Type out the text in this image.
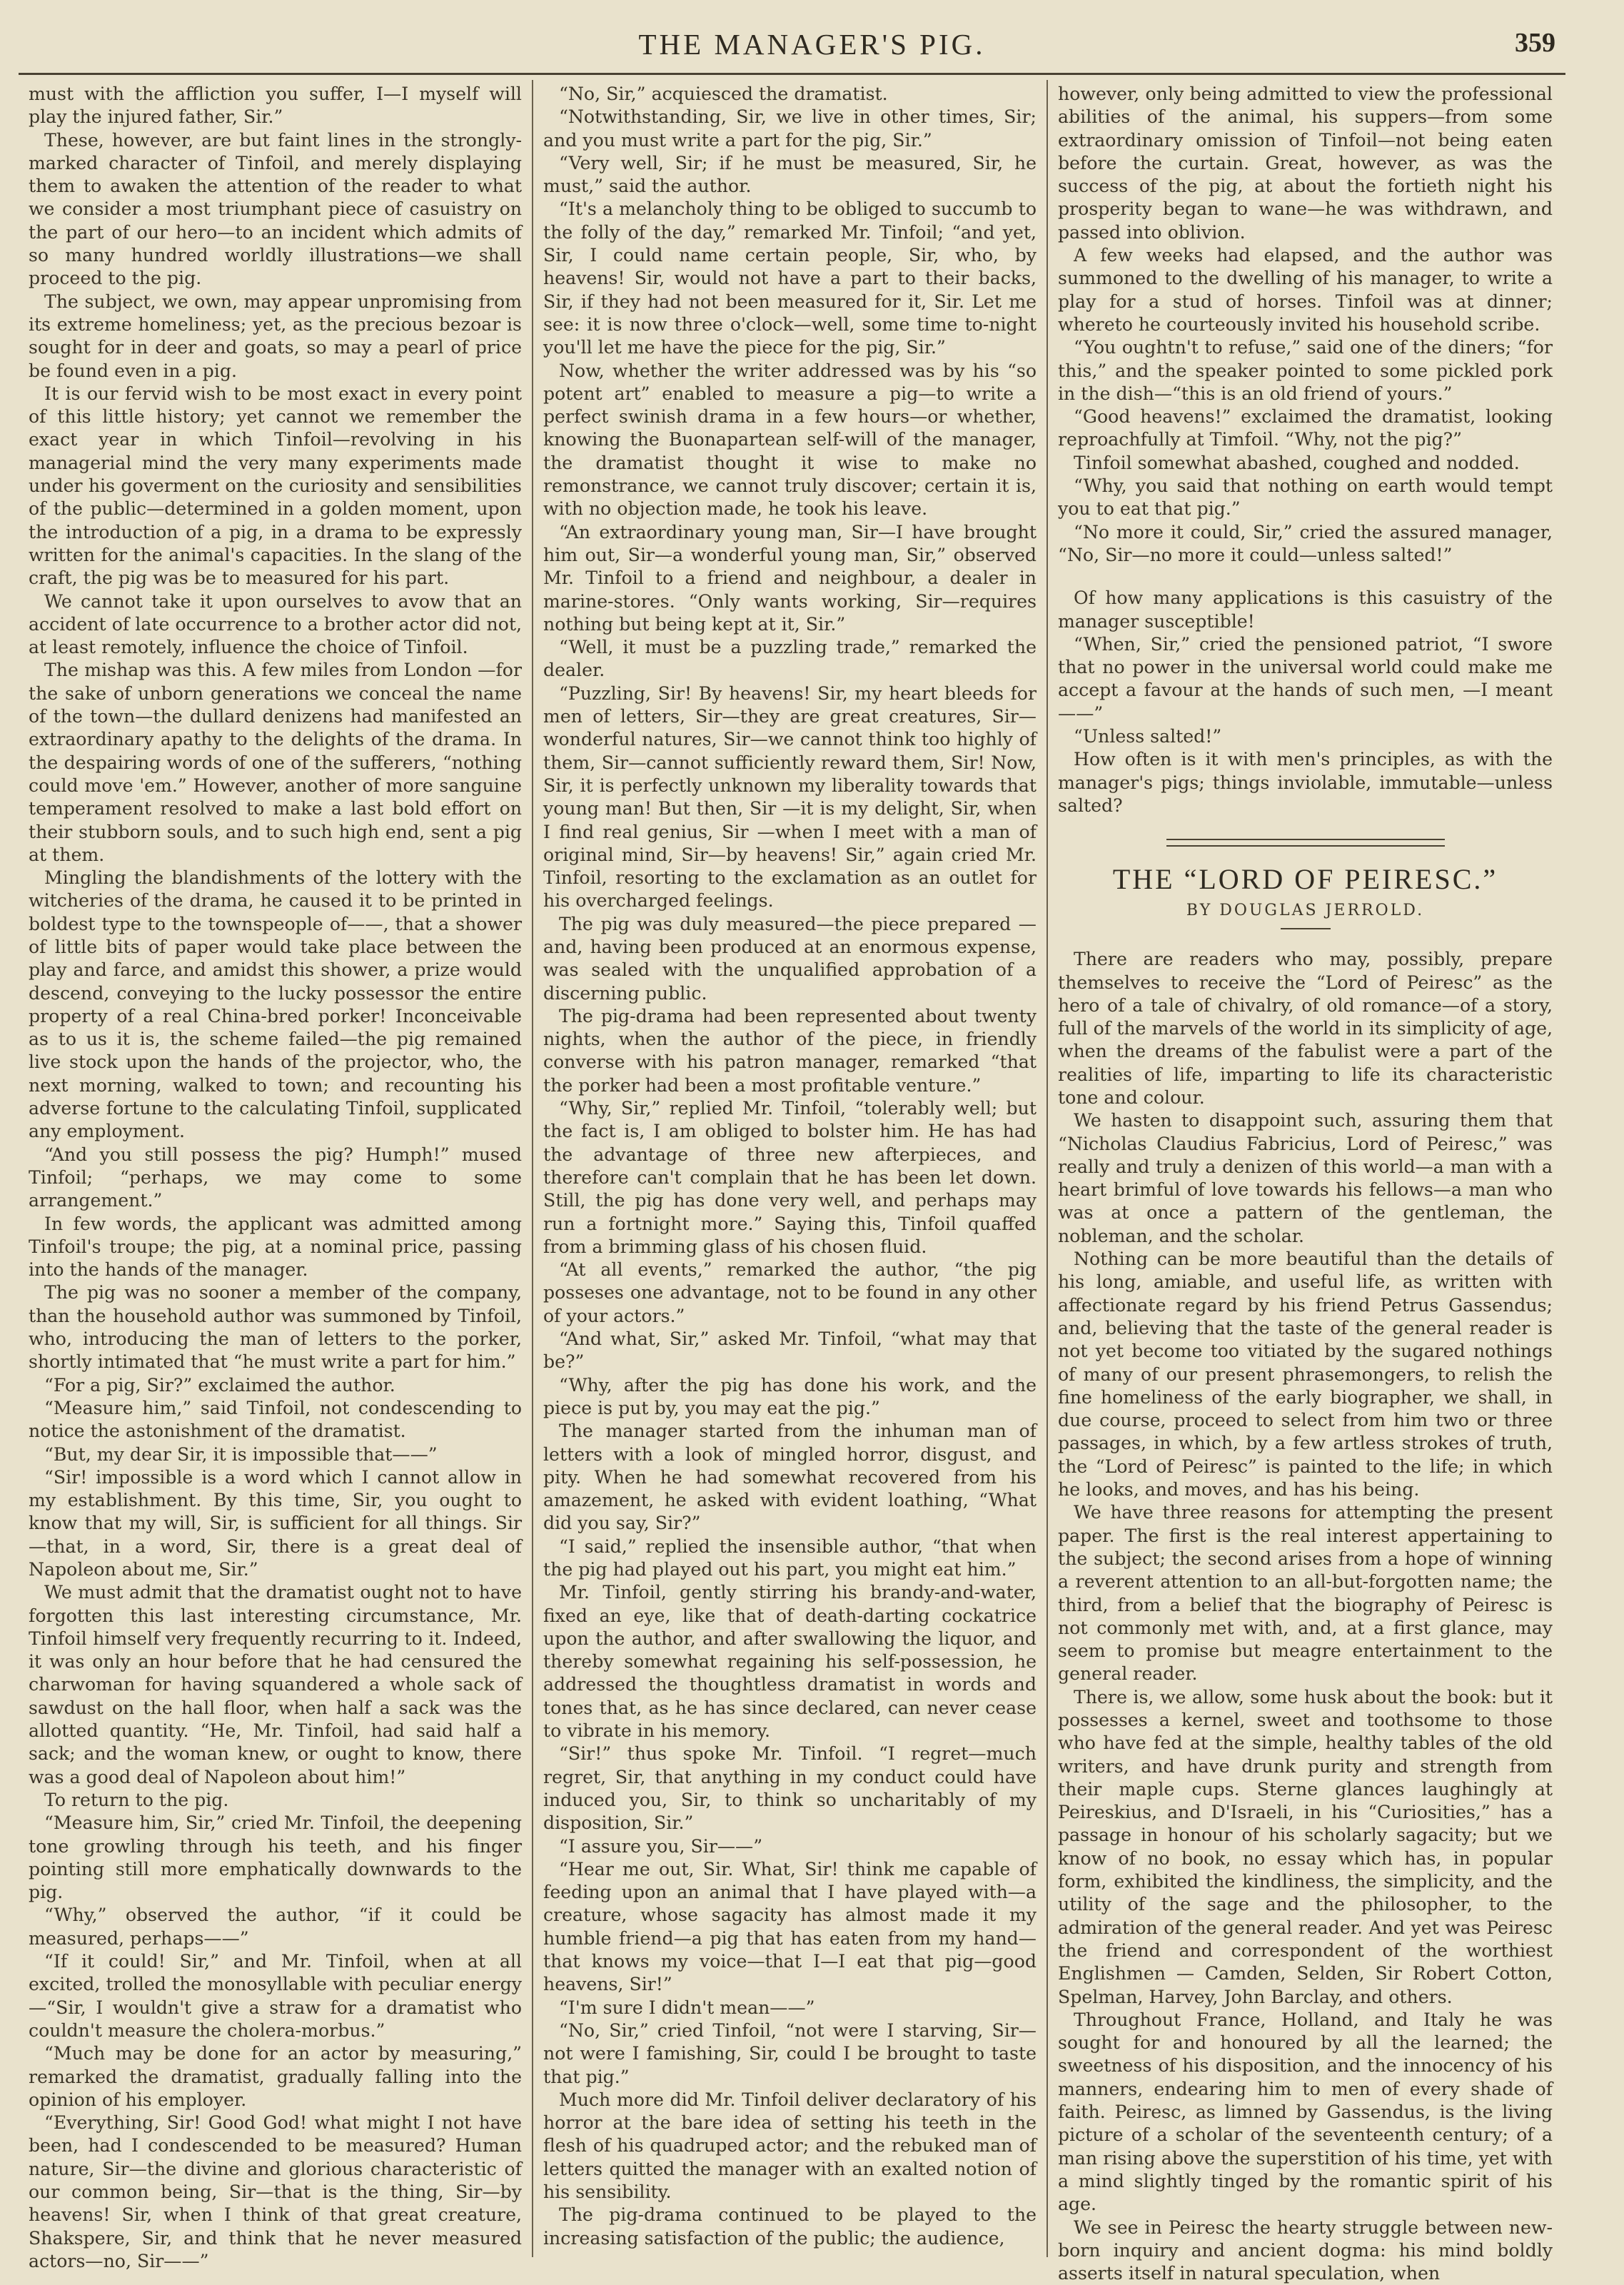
THE MANAGER'S PIG.	359

must with the affliction you suffer, I—I myself will play the injured father, Sir.”

These, however, are but faint lines in the strongly-marked character of Tinfoil, and merely displaying them to awaken the attention of the reader to what we consider a most triumphant piece of casuistry on the part of our hero—to an incident which admits of so many hundred worldly illustrations—we shall proceed to the pig.

The subject, we own, may appear unpromising from its extreme homeliness; yet, as the precious bezoar is sought for in deer and goats, so may a pearl of price be found even in a pig.

It is our fervid wish to be most exact in every point of this little history; yet cannot we remember the exact year in which Tinfoil—revolving in his managerial mind the very many experiments made under his goverment on the curiosity and sensibilities of the public—determined in a golden moment, upon the introduction of a pig, in a drama to be expressly written for the animal's capacities. In the slang of the craft, the pig was be to measured for his part.

We cannot take it upon ourselves to avow that an accident of late occurrence to a brother actor did not, at least remotely, influence the choice of Tinfoil.

The mishap was this. A few miles from London —for the sake of unborn generations we conceal the name of the town—the dullard denizens had manifested an extraordinary apathy to the delights of the drama. In the despairing words of one of the sufferers, “nothing could move 'em.” However, another of more sanguine temperament resolved to make a last bold effort on their stubborn souls, and to such high end, sent a pig at them.

Mingling the blandishments of the lottery with the witcheries of the drama, he caused it to be printed in boldest type to the townspeople of——, that a shower of little bits of paper would take place between the play and farce, and amidst this shower, a prize would descend, conveying to the lucky possessor the entire property of a real China-bred porker! Inconceivable as to us it is, the scheme failed—the pig remained live stock upon the hands of the projector, who, the next morning, walked to town; and recounting his adverse fortune to the calculating Tinfoil, supplicated any employment.

“And you still possess the pig? Humph!” mused Tinfoil; “perhaps, we may come to some arrangement.”

In few words, the applicant was admitted among Tinfoil's troupe; the pig, at a nominal price, passing into the hands of the manager.

The pig was no sooner a member of the company, than the household author was summoned by Tinfoil, who, introducing the man of letters to the porker, shortly intimated that “he must write a part for him.”

“For a pig, Sir?” exclaimed the author.

“Measure him,” said Tinfoil, not condescending to notice the astonishment of the dramatist.

“But, my dear Sir, it is impossible that——”

“Sir! impossible is a word which I cannot allow in my establishment. By this time, Sir, you ought to know that my will, Sir, is sufficient for all things. Sir—that, in a word, Sir, there is a great deal of Napoleon about me, Sir.”

We must admit that the dramatist ought not to have forgotten this last interesting circumstance, Mr. Tinfoil himself very frequently recurring to it. Indeed, it was only an hour before that he had censured the charwoman for having squandered a whole sack of sawdust on the hall floor, when half a sack was the allotted quantity. “He, Mr. Tinfoil, had said half a sack; and the woman knew, or ought to know, there was a good deal of Napoleon about him!”

To return to the pig.

“Measure him, Sir,” cried Mr. Tinfoil, the deepening tone growling through his teeth, and his finger pointing still more emphatically downwards to the pig.

“Why,” observed the author, “if it could be measured, perhaps——”

“If it could! Sir,” and Mr. Tinfoil, when at all excited, trolled the monosyllable with peculiar energy—“Sir, I wouldn't give a straw for a dramatist who couldn't measure the cholera-morbus.”

“Much may be done for an actor by measuring,” remarked the dramatist, gradually falling into the opinion of his employer.

“Everything, Sir! Good God! what might I not have been, had I condescended to be measured? Human nature, Sir—the divine and glorious characteristic of our common being, Sir—that is the thing, Sir—by heavens! Sir, when I think of that great creature, Shakspere, Sir, and think that he never measured actors—no, Sir——”

“No, Sir,” acquiesced the dramatist.

“Notwithstanding, Sir, we live in other times, Sir; and you must write a part for the pig, Sir.”

“Very well, Sir; if he must be measured, Sir, he must,” said the author.

“It's a melancholy thing to be obliged to succumb to the folly of the day,” remarked Mr. Tinfoil; “and yet, Sir, I could name certain people, Sir, who, by heavens! Sir, would not have a part to their backs, Sir, if they had not been measured for it, Sir. Let me see: it is now three o'clock—well, some time to-night you'll let me have the piece for the pig, Sir.”

Now, whether the writer addressed was by his “so potent art” enabled to measure a pig—to write a perfect swinish drama in a few hours—or whether, knowing the Buonapartean self-will of the manager, the dramatist thought it wise to make no remonstrance, we cannot truly discover; certain it is, with no objection made, he took his leave.

“An extraordinary young man, Sir—I have brought him out, Sir—a wonderful young man, Sir,” observed Mr. Tinfoil to a friend and neighbour, a dealer in marine-stores. “Only wants working, Sir—requires nothing but being kept at it, Sir.”

“Well, it must be a puzzling trade,” remarked the dealer.

“Puzzling, Sir! By heavens! Sir, my heart bleeds for men of letters, Sir—they are great creatures, Sir—wonderful natures, Sir—we cannot think too highly of them, Sir—cannot sufficiently reward them, Sir! Now, Sir, it is perfectly unknown my liberality towards that young man! But then, Sir —it is my delight, Sir, when I find real genius, Sir —when I meet with a man of original mind, Sir—by heavens! Sir,” again cried Mr. Tinfoil, resorting to the exclamation as an outlet for his overcharged feelings.

The pig was duly measured—the piece prepared —and, having been produced at an enormous expense, was sealed with the unqualified approbation of a discerning public.

The pig-drama had been represented about twenty nights, when the author of the piece, in friendly converse with his patron manager, remarked “that the porker had been a most profitable venture.”

“Why, Sir,” replied Mr. Tinfoil, “tolerably well; but the fact is, I am obliged to bolster him. He has had the advantage of three new afterpieces, and therefore can't complain that he has been let down. Still, the pig has done very well, and perhaps may run a fortnight more.” Saying this, Tinfoil quaffed from a brimming glass of his chosen fluid.

“At all events,” remarked the author, “the pig posseses one advantage, not to be found in any other of your actors.”

“And what, Sir,” asked Mr. Tinfoil, “what may that be?”

“Why, after the pig has done his work, and the piece is put by, you may eat the pig.”

The manager started from the inhuman man of letters with a look of mingled horror, disgust, and pity. When he had somewhat recovered from his amazement, he asked with evident loathing, “What did you say, Sir?”

“I said,” replied the insensible author, “that when the pig had played out his part, you might eat him.”

Mr. Tinfoil, gently stirring his brandy-and-water, fixed an eye, like that of death-darting cockatrice upon the author, and after swallowing the liquor, and thereby somewhat regaining his self-possession, he addressed the thoughtless dramatist in words and tones that, as he has since declared, can never cease to vibrate in his memory.

“Sir!” thus spoke Mr. Tinfoil. “I regret—much regret, Sir, that anything in my conduct could have induced you, Sir, to think so uncharitably of my disposition, Sir.”

“I assure you, Sir——”

“Hear me out, Sir. What, Sir! think me capable of feeding upon an animal that I have played with—a creature, whose sagacity has almost made it my humble friend—a pig that has eaten from my hand—that knows my voice—that I—I eat that pig—good heavens, Sir!”

“I'm sure I didn't mean——”

“No, Sir,” cried Tinfoil, “not were I starving, Sir—not were I famishing, Sir, could I be brought to taste that pig.”

Much more did Mr. Tinfoil deliver declaratory of his horror at the bare idea of setting his teeth in the flesh of his quadruped actor; and the rebuked man of letters quitted the manager with an exalted notion of his sensibility.

The pig-drama continued to be played to the increasing satisfaction of the public; the audience,

however, only being admitted to view the professional abilities of the animal, his suppers—from some extraordinary omission of Tinfoil—not being eaten before the curtain. Great, however, as was the success of the pig, at about the fortieth night his prosperity began to wane—he was withdrawn, and passed into oblivion.

A few weeks had elapsed, and the author was summoned to the dwelling of his manager, to write a play for a stud of horses. Tinfoil was at dinner; whereto he courteously invited his household scribe.

“You oughtn't to refuse,” said one of the diners; “for this,” and the speaker pointed to some pickled pork in the dish—“this is an old friend of yours.”

“Good heavens!” exclaimed the dramatist, looking reproachfully at Timfoil. “Why, not the pig?”

Tinfoil somewhat abashed, coughed and nodded.

“Why, you said that nothing on earth would tempt you to eat that pig.”

“No more it could, Sir,” cried the assured manager, “No, Sir—no more it could—unless salted!”

Of how many applications is this casuistry of the manager susceptible!

“When, Sir,” cried the pensioned patriot, “I swore that no power in the universal world could make me accept a favour at the hands of such men, —I meant——”

“Unless salted!”

How often is it with men's principles, as with the manager's pigs; things inviolable, immutable—unless salted?

THE “LORD OF PEIRESC.”
BY DOUGLAS JERROLD.

There are readers who may, possibly, prepare themselves to receive the “Lord of Peiresc” as the hero of a tale of chivalry, of old romance—of a story, full of the marvels of the world in its simplicity of age, when the dreams of the fabulist were a part of the realities of life, imparting to life its characteristic tone and colour.

We hasten to disappoint such, assuring them that “Nicholas Claudius Fabricius, Lord of Peiresc,” was really and truly a denizen of this world—a man with a heart brimful of love towards his fellows—a man who was at once a pattern of the gentleman, the nobleman, and the scholar.

Nothing can be more beautiful than the details of his long, amiable, and useful life, as written with affectionate regard by his friend Petrus Gassendus; and, believing that the taste of the general reader is not yet become too vitiated by the sugared nothings of many of our present phrasemongers, to relish the fine homeliness of the early biographer, we shall, in due course, proceed to select from him two or three passages, in which, by a few artless strokes of truth, the “Lord of Peiresc” is painted to the life; in which he looks, and moves, and has his being.

We have three reasons for attempting the present paper. The first is the real interest appertaining to the subject; the second arises from a hope of winning a reverent attention to an all-but-forgotten name; the third, from a belief that the biography of Peiresc is not commonly met with, and, at a first glance, may seem to promise but meagre entertainment to the general reader.

There is, we allow, some husk about the book: but it possesses a kernel, sweet and toothsome to those who have fed at the simple, healthy tables of the old writers, and have drunk purity and strength from their maple cups. Sterne glances laughingly at Peireskius, and D'Israeli, in his “Curiosities,” has a passage in honour of his scholarly sagacity; but we know of no book, no essay which has, in popular form, exhibited the kindliness, the simplicity, and the utility of the sage and the philosopher, to the admiration of the general reader. And yet was Peiresc the friend and correspondent of the worthiest Englishmen — Camden, Selden, Sir Robert Cotton, Spelman, Harvey, John Barclay, and others.

Throughout France, Holland, and Italy he was sought for and honoured by all the learned; the sweetness of his disposition, and the innocency of his manners, endearing him to men of every shade of faith. Peiresc, as limned by Gassendus, is the living picture of a scholar of the seventeenth century; of a man rising above the superstition of his time, yet with a mind slightly tinged by the romantic spirit of his age.

We see in Peiresc the hearty struggle between new-born inquiry and ancient dogma: his mind boldly asserts itself in natural speculation, when
